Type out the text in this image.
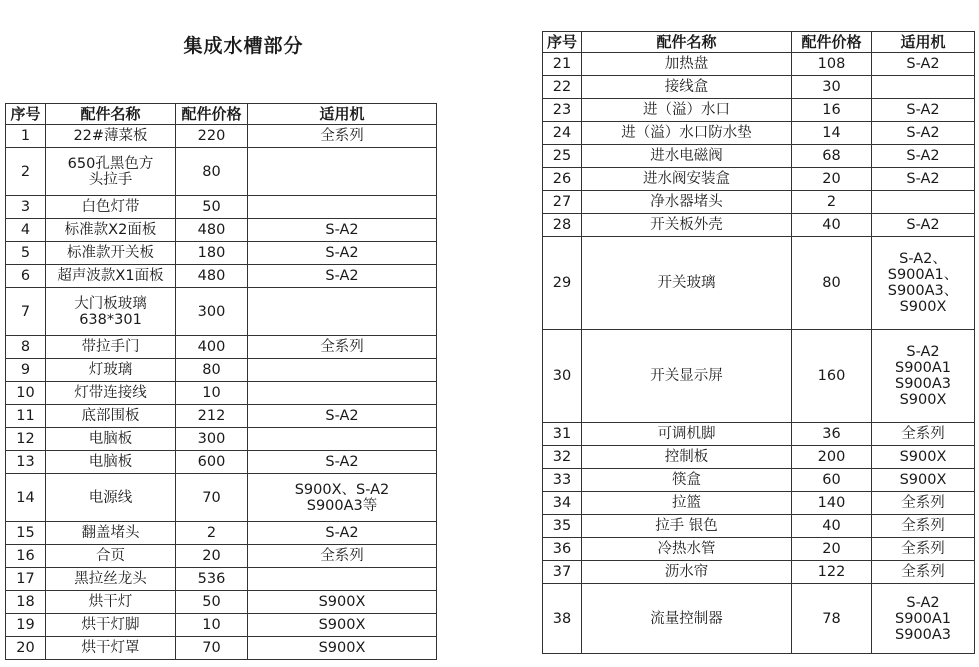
集成水槽部分
序号	配件名称	配件价格	适用机
1	22#薄菜板	220	全系列

2	650孔黑色方
头拉手	80	
3	白色灯带	50	
4	标准款X2面板	480	S-A2

5	标准款开关板	180	S-A2

6	超声波款X1面板	480	S-A2

7	大门板玻璃
638*301	300	
8	带拉手门	400	全系列

9	灯玻璃	80	
10	灯带连接线	10	
11	底部围板	212	S-A2

12	电脑板	300	
13	电脑板	600	S-A2

14	电源线	70	S900X、S-A2
S900A3等

15	翻盖堵头	2	S-A2

16	合页	20	全系列

17	黑拉丝龙头	536	
18	烘干灯	50	S900X

19	烘干灯脚	10	S900X

20	烘干灯罩	70	S900X
序号	配件名称	配件价格	适用机
21	加热盘	108	S-A2

22	接线盒	30	
23	进（溢）水口	16	S-A2

24	进（溢）水口防水垫	14	S-A2

25	进水电磁阀	68	S-A2

26	进水阀安装盒	20	S-A2

27	净水器堵头	2	
28	开关板外壳	40	S-A2

29	开关玻璃	80	S-A2、
S900A1、
S900A3、
S900X

30	开关显示屏	160	S-A2
S900A1
S900A3
S900X

31	可调机脚	36	全系列

32	控制板	200	S900X

33	筷盒	60	S900X

34	拉篮	140	全系列

35	拉手 银色	40	全系列

36	冷热水管	20	全系列

37	沥水帘	122	全系列

38	流量控制器	78	S-A2
S900A1
S900A3
